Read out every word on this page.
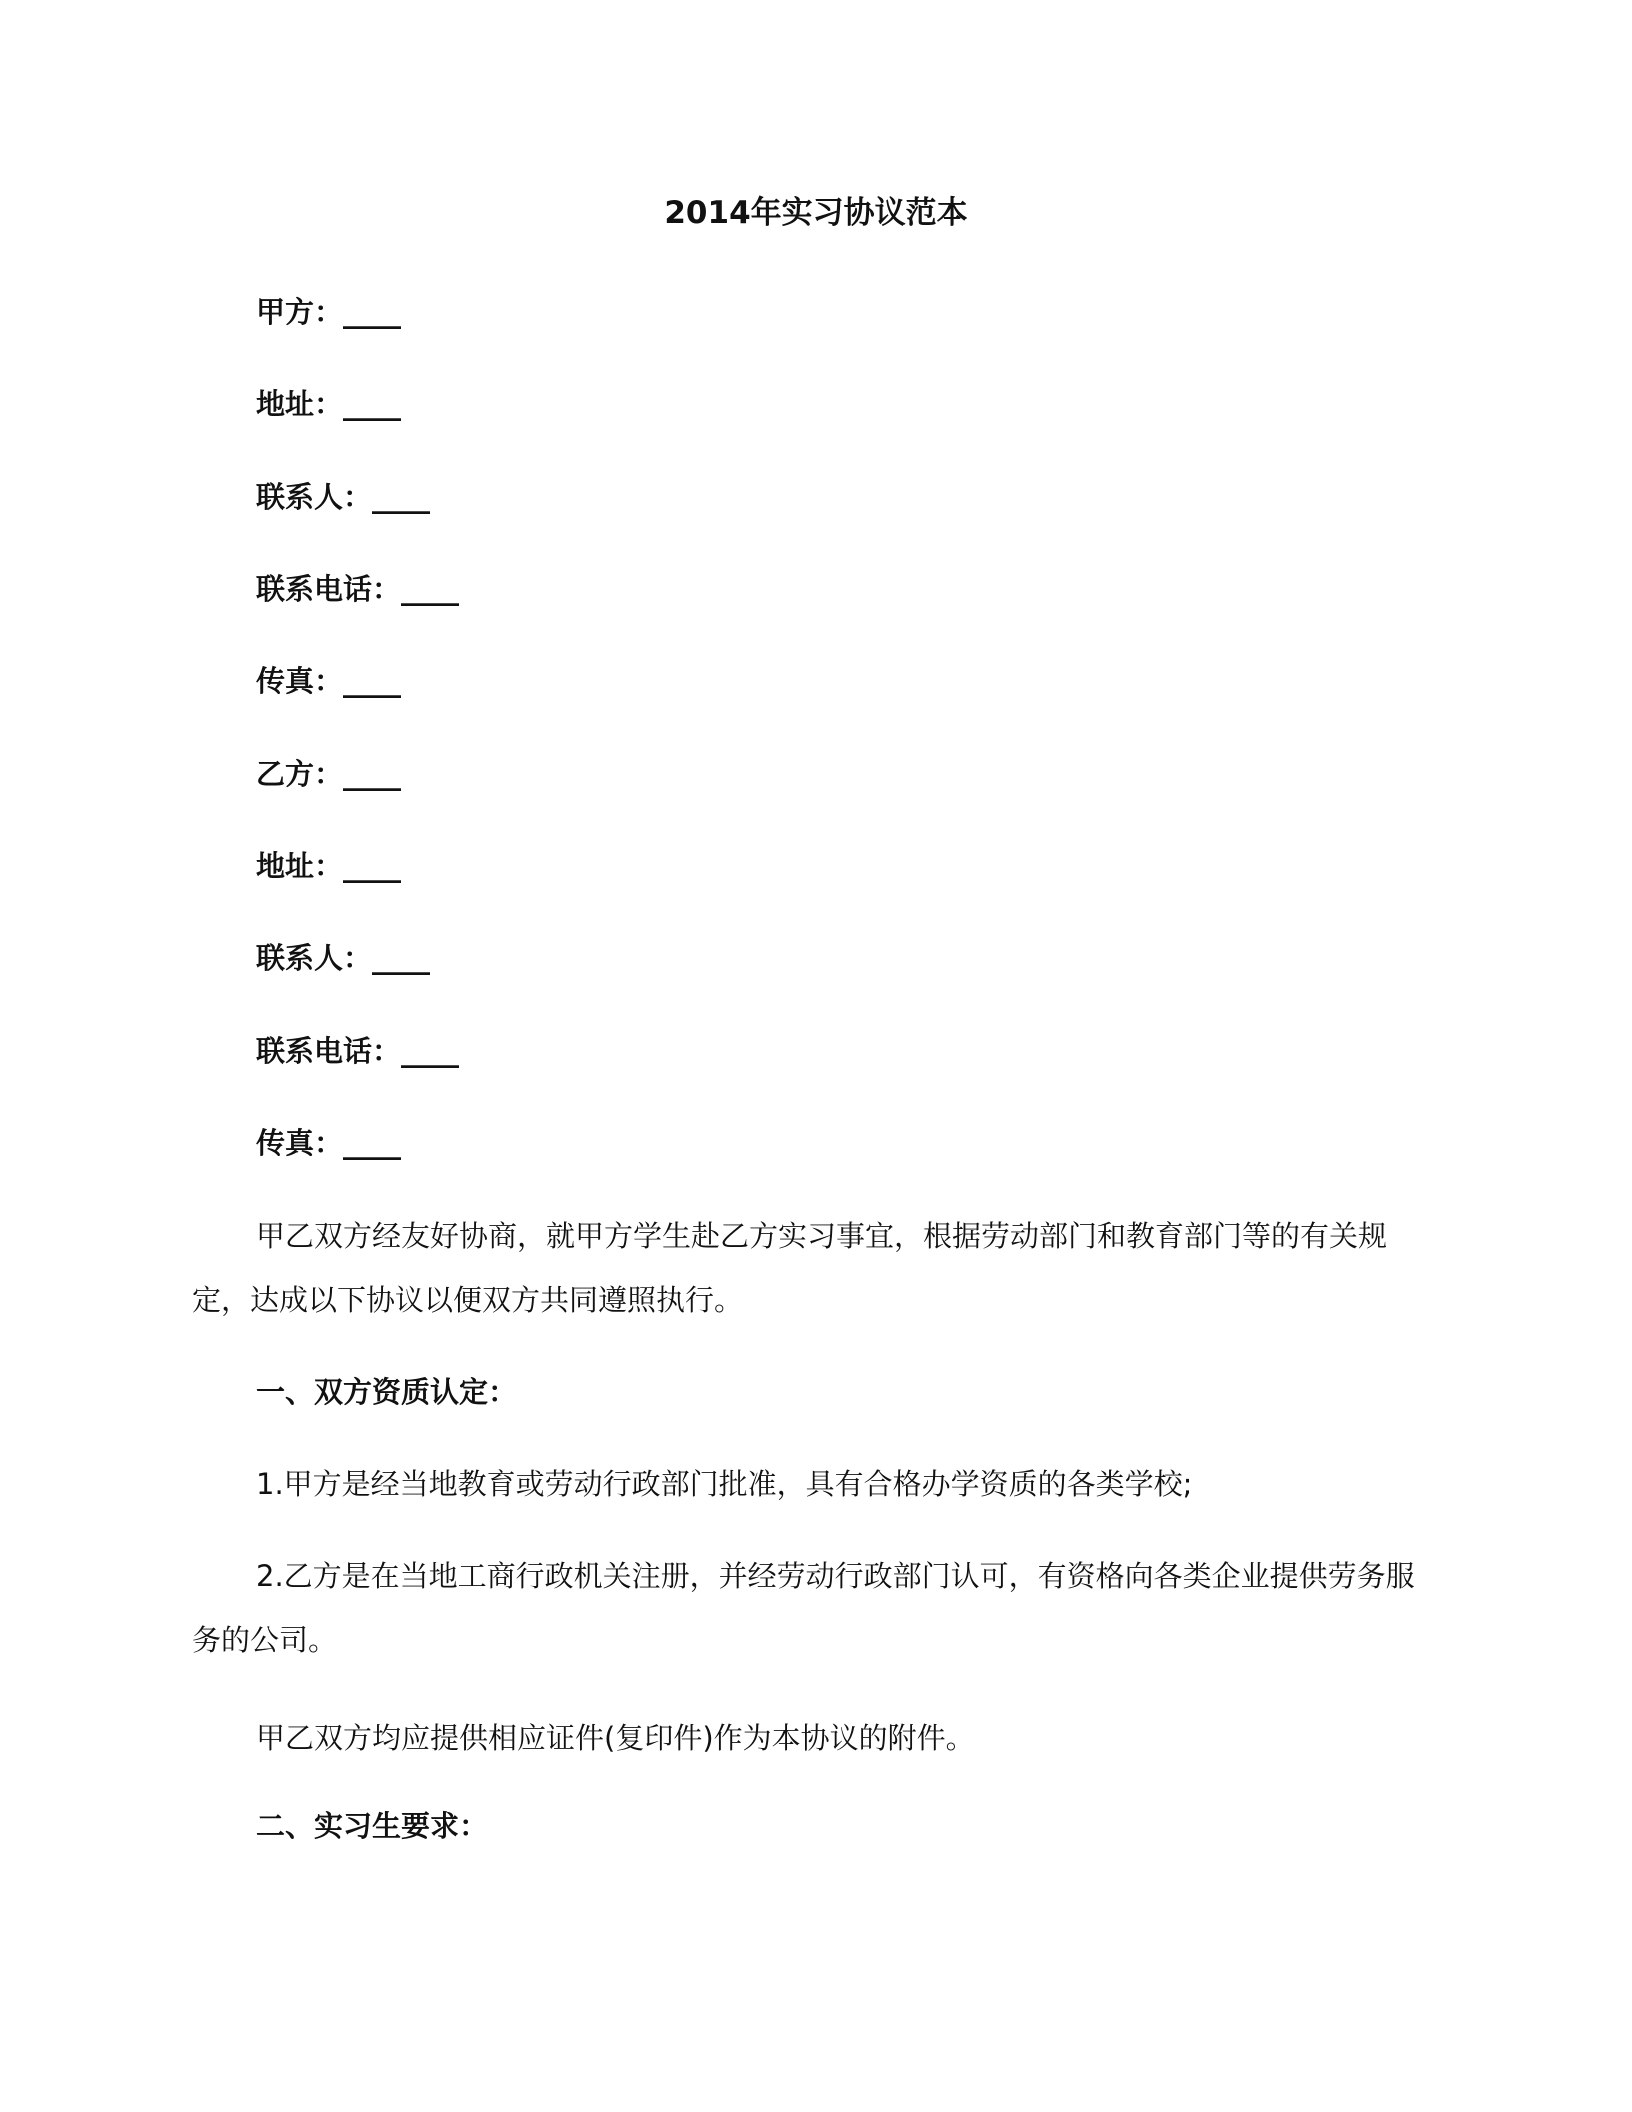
2014年实习协议范本
甲方：____
地址：____
联系人：____
联系电话：____
传真：____
乙方：____
地址：____
联系人：____
联系电话：____
传真：____

甲乙双方经友好协商，就甲方学生赴乙方实习事宜，根据劳动部门和教育部门等的有关规定，达成以下协议以便双方共同遵照执行。

一、双方资质认定：

1.甲方是经当地教育或劳动行政部门批准，具有合格办学资质的各类学校;

2.乙方是在当地工商行政机关注册，并经劳动行政部门认可，有资格向各类企业提供劳务服务的公司。

甲乙双方均应提供相应证件(复印件)作为本协议的附件。

二、实习生要求：
